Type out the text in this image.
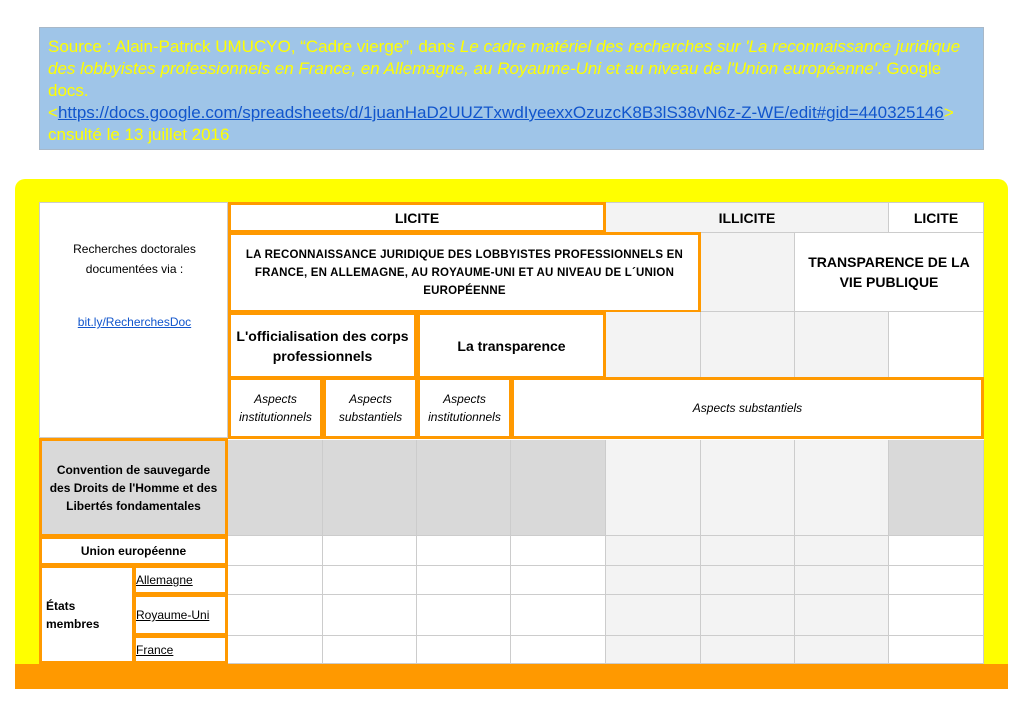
Source : Alain-Patrick UMUCYO, “Cadre vierge”, dans Le cadre matériel des recherches sur 'La reconnaissance juridique des lobbyistes professionnels en France, en Allemagne, au Royaume-Uni et au niveau de l'Union européenne'. Google docs.
<https://docs.google.com/spreadsheets/d/1juanHaD2UUZTxwdIyeexxOzuzcK8B3lS38vN6z-Z-WE/edit#gid=440325146> cnsulté le 13 juillet 2016
Recherches doctorales documentées via :
bit.ly/RecherchesDoc
LICITE	ILLICITE	LICITE
LA RECONNAISSANCE JURIDIQUE DES LOBBYISTES PROFESSIONNELS EN FRANCE, EN ALLEMAGNE, AU ROYAUME-UNI ET AU NIVEAU DE L´UNION EUROPÉENNE
TRANSPARENCE DE LA VIE PUBLIQUE
L'officialisation des corps professionnels
La transparence
Aspects institutionnels
Aspects substantiels
Aspects institutionnels
Aspects substantiels
Convention de sauvegarde des Droits de l'Homme et des Libertés fondamentales
Union européenne
États membres
Allemagne
Royaume-Uni
France
